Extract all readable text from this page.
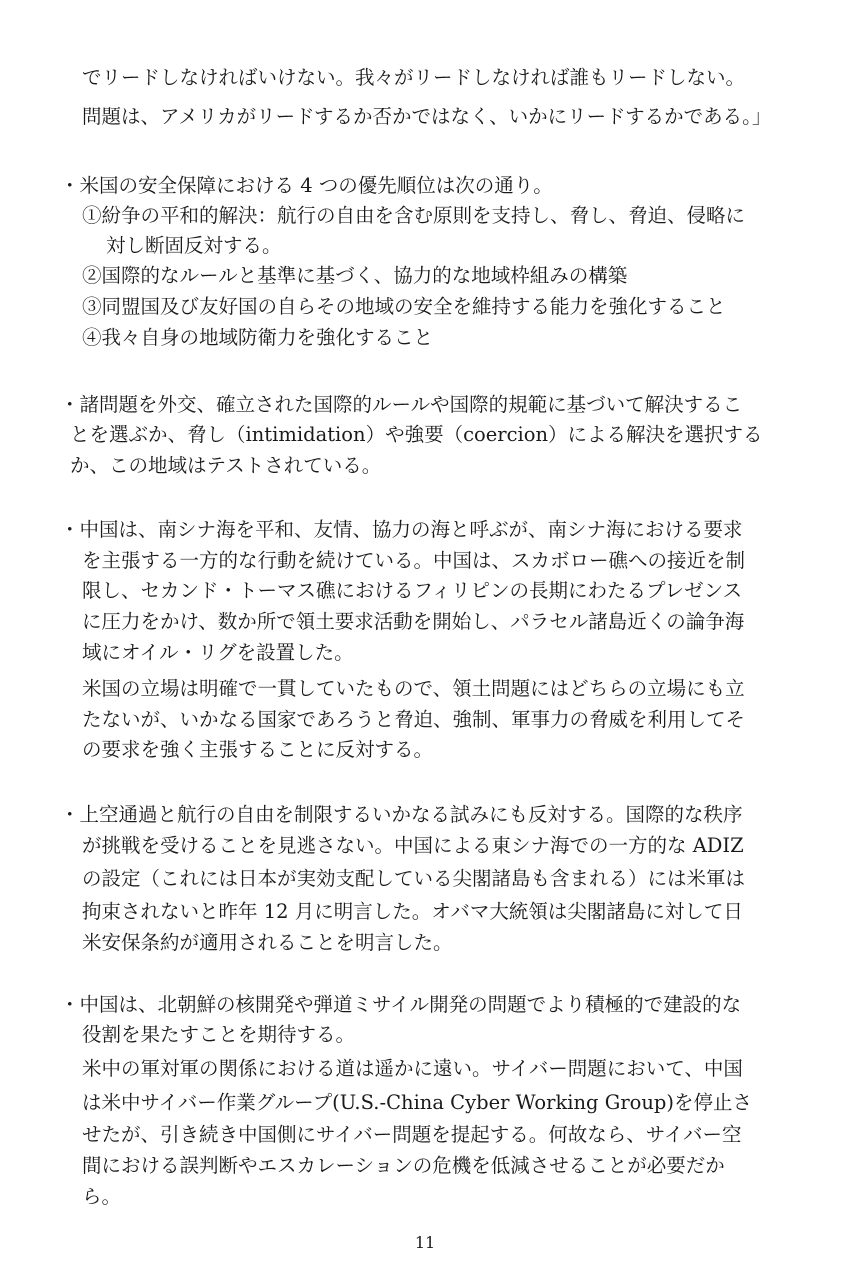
でリードしなければいけない。我々がリードしなければ誰もリードしない。
問題は、アメリカがリードするか否かではなく、いかにリードするかである。」
・米国の安全保障における 4 つの優先順位は次の通り。
①紛争の平和的解決：航行の自由を含む原則を支持し、脅し、脅迫、侵略に
対し断固反対する。
②国際的なルールと基準に基づく、協力的な地域枠組みの構築
③同盟国及び友好国の自らその地域の安全を維持する能力を強化すること
④我々自身の地域防衛力を強化すること
・諸問題を外交、確立された国際的ルールや国際的規範に基づいて解決するこ
とを選ぶか、脅し（intimidation）や強要（coercion）による解決を選択する
か、この地域はテストされている。
・中国は、南シナ海を平和、友情、協力の海と呼ぶが、南シナ海における要求
を主張する一方的な行動を続けている。中国は、スカボロー礁への接近を制
限し、セカンド・トーマス礁におけるフィリピンの長期にわたるプレゼンス
に圧力をかけ、数か所で領土要求活動を開始し、パラセル諸島近くの論争海
域にオイル・リグを設置した。
米国の立場は明確で一貫していたもので、領土問題にはどちらの立場にも立
たないが、いかなる国家であろうと脅迫、強制、軍事力の脅威を利用してそ
の要求を強く主張することに反対する。
・上空通過と航行の自由を制限するいかなる試みにも反対する。国際的な秩序
が挑戦を受けることを見逃さない。中国による東シナ海での一方的な ADIZ
の設定（これには日本が実効支配している尖閣諸島も含まれる）には米軍は
拘束されないと昨年 12 月に明言した。オバマ大統領は尖閣諸島に対して日
米安保条約が適用されることを明言した。
・中国は、北朝鮮の核開発や弾道ミサイル開発の問題でより積極的で建設的な
役割を果たすことを期待する。
米中の軍対軍の関係における道は遥かに遠い。サイバー問題において、中国
は米中サイバー作業グループ(U.S.-China Cyber Working Group)を停止さ
せたが、引き続き中国側にサイバー問題を提起する。何故なら、サイバー空
間における誤判断やエスカレーションの危機を低減させることが必要だか
ら。
11
